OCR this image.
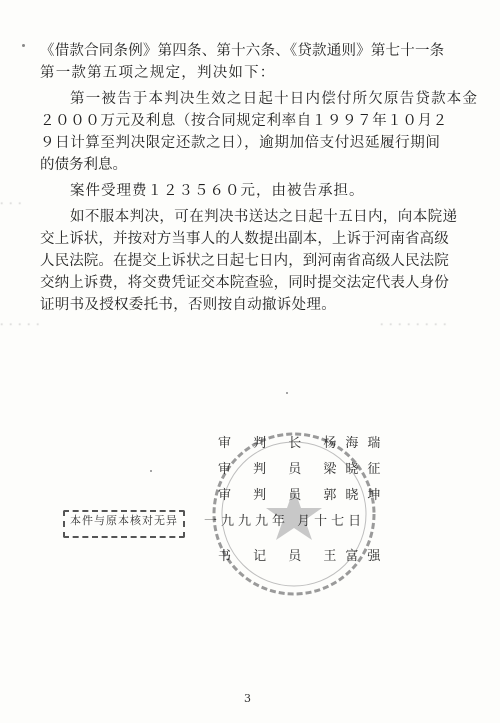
· · ·
· · · · ·	· · · · · · · ·
《借款合同条例》第四条、第十六条、《贷款通则》第七十一条
第一款第五项之规定，判决如下：
第一被告于本判决生效之日起十日内偿付所欠原告贷款本金
２０００万元及利息（按合同规定利率自１９９７年１０月２
９日计算至判决限定还款之日），逾期加倍支付迟延履行期间
的债务利息。
案件受理费１２３５６０元，由被告承担。
如不服本判决，可在判决书送达之日起十五日内，向本院递
交上诉状，并按对方当事人的人数提出副本，上诉于河南省高级
人民法院。在提交上诉状之日起七日内，到河南省高级人民法院
交纳上诉费，将交费凭证交本院查验，同时提交法定代表人身份
证明书及授权委托书，否则按自动撤诉处理。
审 判 长 杨海瑞
审 判 员 梁晓征
审 判 员 郭晓坤
一九九九年 月十七日
书 记 员 王富强
本件与原本核对无异
3
